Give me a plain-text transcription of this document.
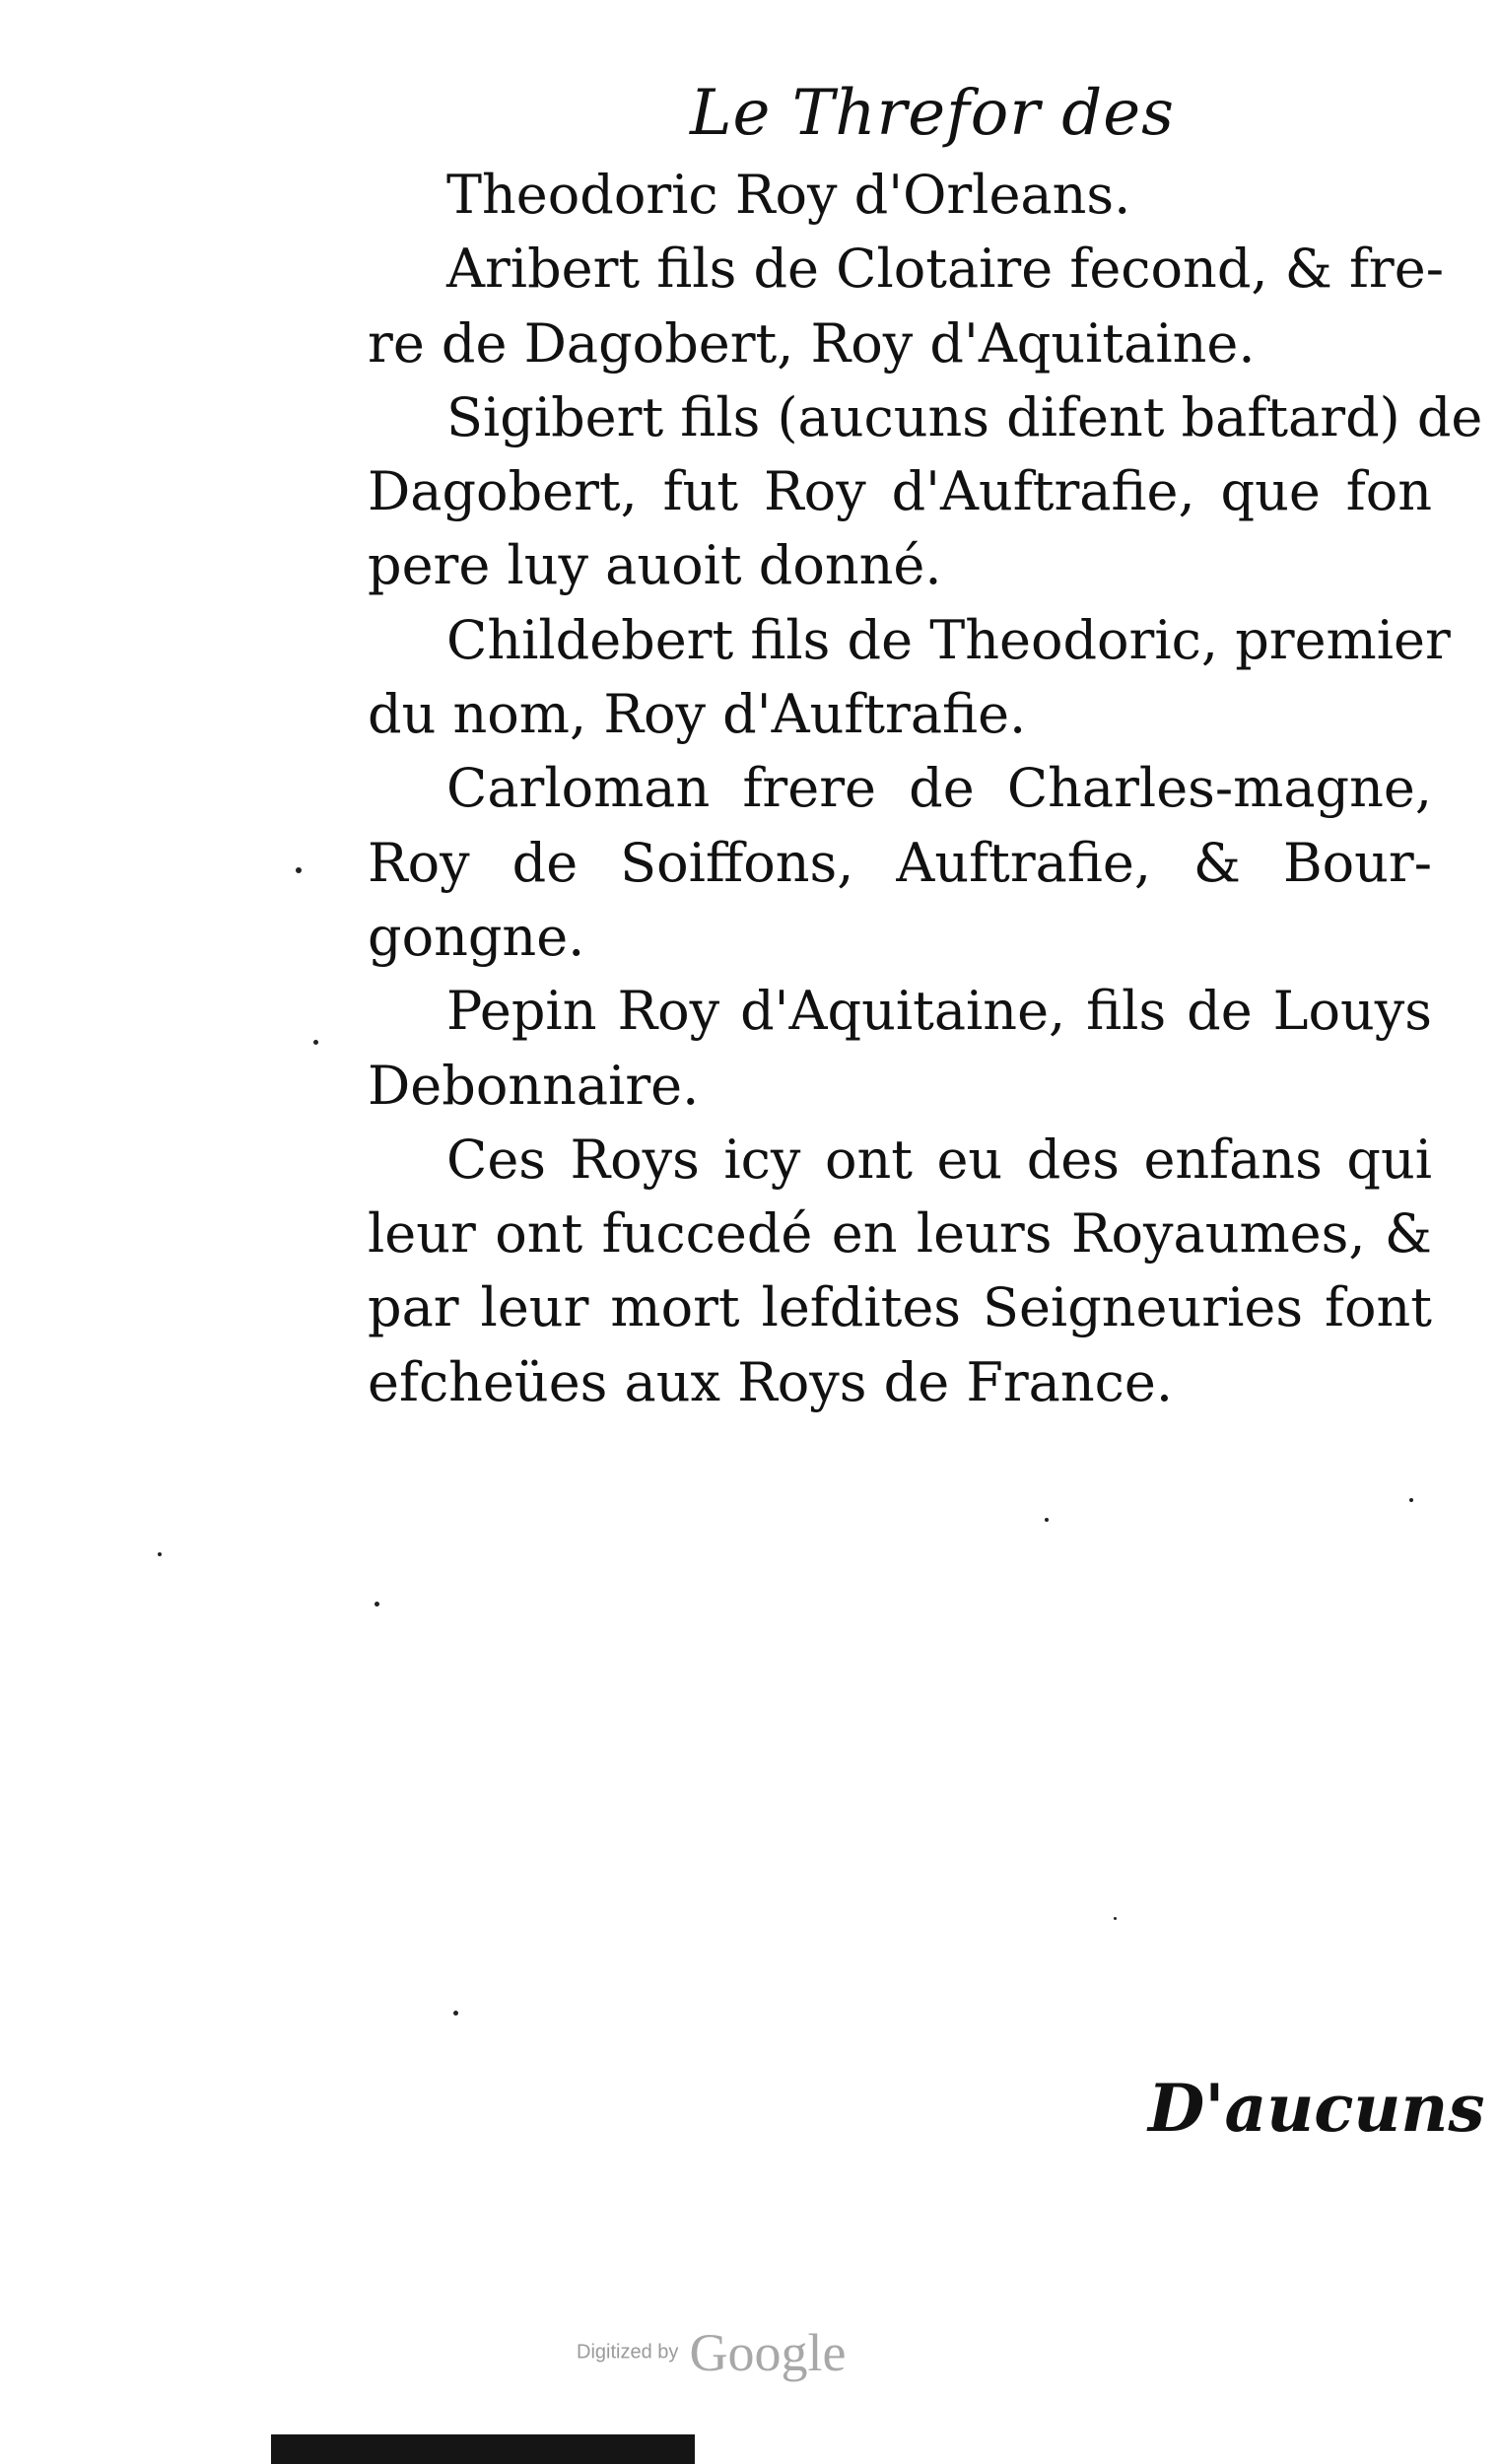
Le Threfor des
Theodoric Roy d'Orleans.
Aribert fils de Clotaire fecond, & fre-
re de Dagobert, Roy d'Aquitaine.
Sigibert fils (aucuns difent baftard) de
Dagobert, fut Roy d'Auftrafie, que fon
pere luy auoit donné.
Childebert fils de Theodoric, premier
du nom, Roy d'Auftrafie.
Carloman frere de Charles-magne,
Roy de Soiffons, Auftrafie, & Bour-
gongne.
Pepin Roy d'Aquitaine, fils de Louys
Debonnaire.
Ces Roys icy ont eu des enfans qui
leur ont fuccedé en leurs Royaumes, &
par leur mort lefdites Seigneuries font
efcheües aux Roys de France.
D'aucuns
Digitized by Google
